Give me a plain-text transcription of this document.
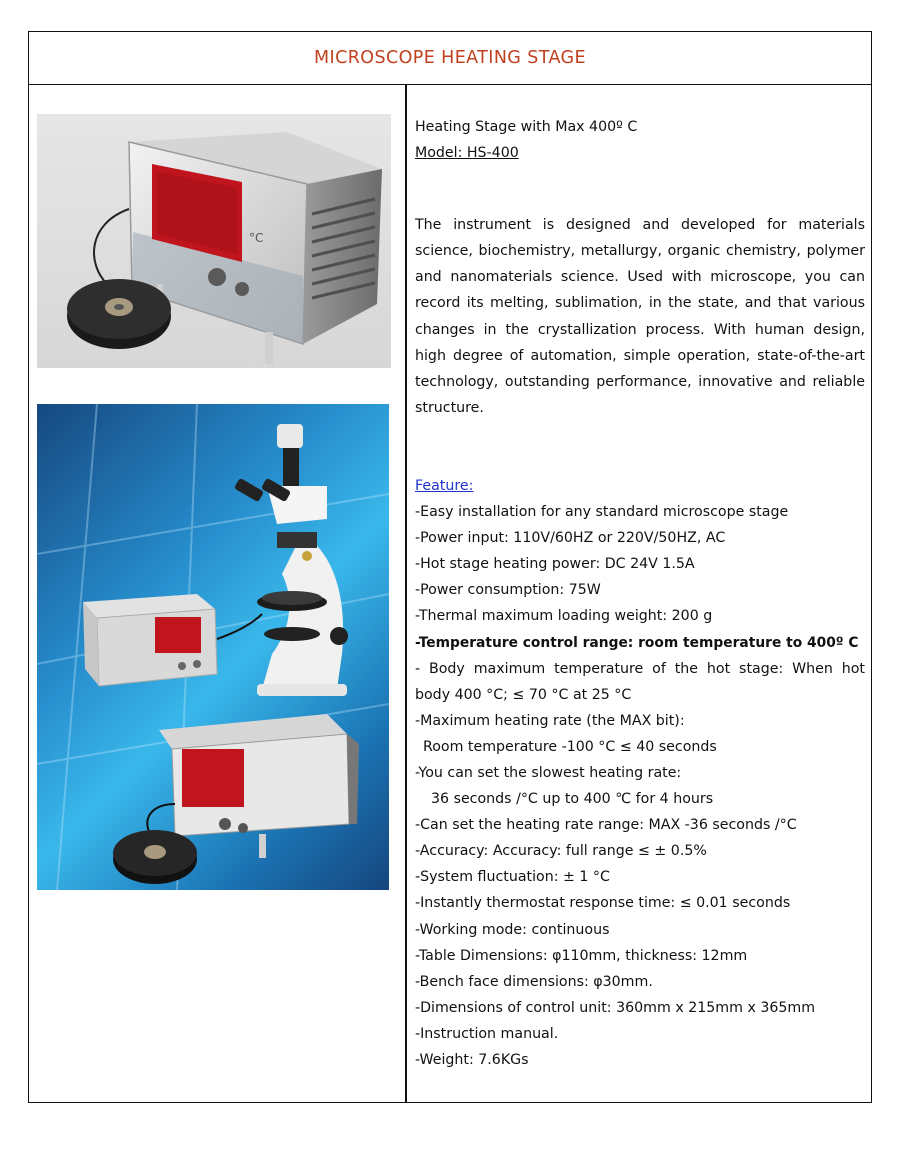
MICROSCOPE HEATING STAGE
°C

Heating Stage with Max 400º C

Model: HS-400

The instrument is designed and developed for materials science, biochemistry, metallurgy, organic chemistry, polymer and nanomaterials science. Used with microscope, you can record its melting, sublimation, in the state, and that various changes in the crystallization process. With human design, high degree of automation, simple operation, state-of-the-art technology, outstanding performance, innovative and reliable structure.

Feature:

-Easy installation for any standard microscope stage

-Power input: 110V/60HZ or 220V/50HZ, AC

-Hot stage heating power: DC 24V 1.5A

-Power consumption: 75W

-Thermal maximum loading weight: 200 g

-Temperature control range: room temperature to 400º C

- Body maximum temperature of the hot stage: When hot body 400 °C; ≤ 70 °C at 25 °C

-Maximum heating rate (the MAX bit):

Room temperature -100 °C ≤ 40 seconds

-You can set the slowest heating rate:

36 seconds /°C up to 400 ℃ for 4 hours

-Can set the heating rate range: MAX -36 seconds /°C

-Accuracy: Accuracy: full range ≤ ± 0.5%

-System fluctuation: ± 1 °C

-Instantly thermostat response time: ≤ 0.01 seconds

-Working mode: continuous

-Table Dimensions: φ110mm, thickness: 12mm

-Bench face dimensions: φ30mm.

-Dimensions of control unit: 360mm x 215mm x 365mm

-Instruction manual.

-Weight: 7.6KGs
